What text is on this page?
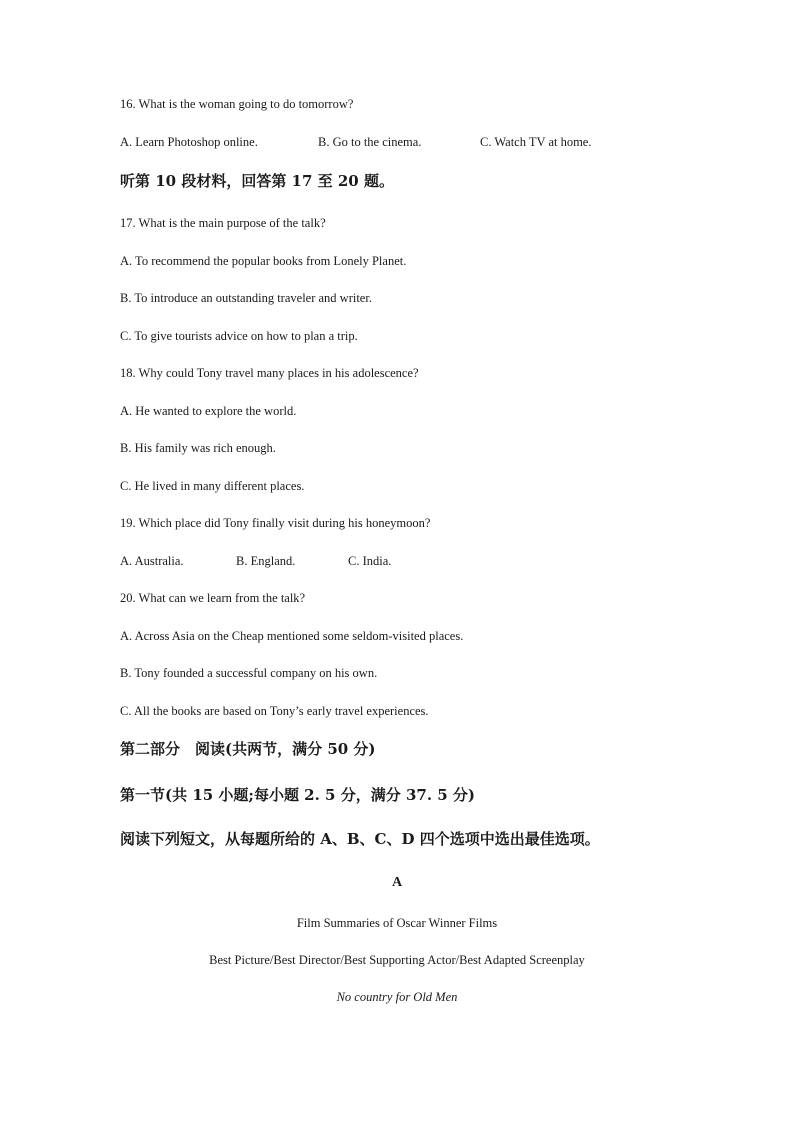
16. What is the woman going to do tomorrow?
A. Learn Photoshop online.	B. Go to the cinema.	C. Watch TV at home.
听第 10 段材料，回答第 17 至 20 题。
17. What is the main purpose of the talk?
A. To recommend the popular books from Lonely Planet.
B. To introduce an outstanding traveler and writer.
C. To give tourists advice on how to plan a trip.
18. Why could Tony travel many places in his adolescence?
A. He wanted to explore the world.
B. His family was rich enough.
C. He lived in many different places.
19. Which place did Tony finally visit during his honeymoon?
A. Australia.	B. England.	C. India.
20. What can we learn from the talk?
A. Across Asia on the Cheap mentioned some seldom-visited places.
B. Tony founded a successful company on his own.
C. All the books are based on Tony’s early travel experiences.
第二部分　阅读(共两节，满分 50 分)
第一节(共 15 小题;每小题 2. 5 分，满分 37. 5 分)
阅读下列短文，从每题所给的 A、B、C、D 四个选项中选出最佳选项。
A
Film Summaries of Oscar Winner Films
Best Picture/Best Director/Best Supporting Actor/Best Adapted Screenplay
No country for Old Men
